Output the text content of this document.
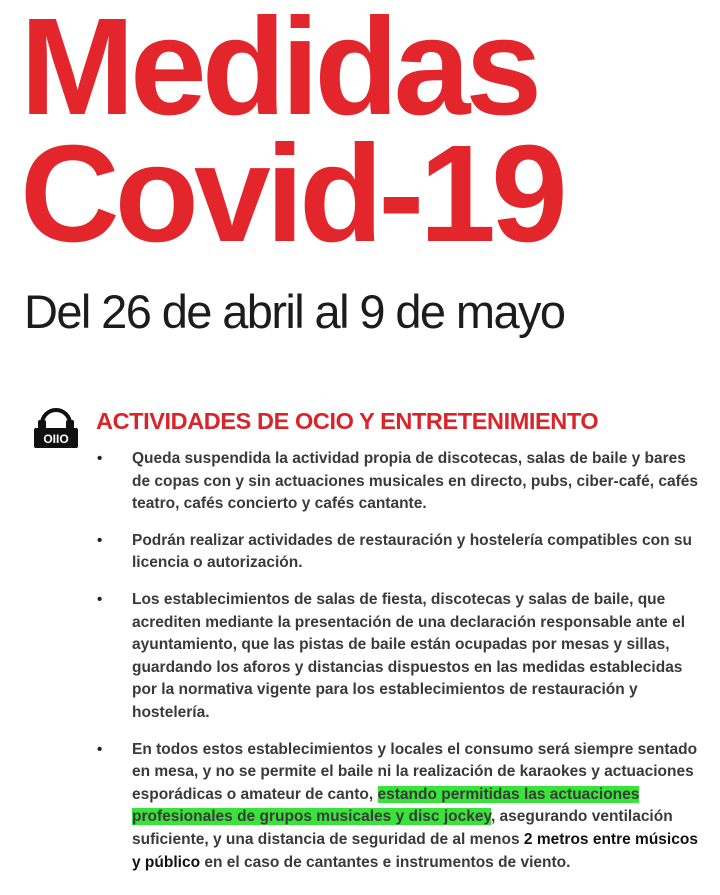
Medidas
Covid-19
Del 26 de abril al 9 de mayo
OIIO
ACTIVIDADES DE OCIO Y ENTRETENIMIENTO
• Queda suspendida la actividad propia de discotecas, salas de baile y bares de copas con y sin actuaciones musicales en directo, pubs, ciber-café, cafés teatro, cafés concierto y cafés cantante.
• Podrán realizar actividades de restauración y hostelería compatibles con su licencia o autorización.
• Los establecimientos de salas de fiesta, discotecas y salas de baile, que acrediten mediante la presentación de una declaración responsable ante el ayuntamiento, que las pistas de baile están ocupadas por mesas y sillas, guardando los aforos y distancias dispuestos en las medidas establecidas por la normativa vigente para los establecimientos de restauración y hostelería.
• En todos estos establecimientos y locales el consumo será siempre sentado en mesa, y no se permite el baile ni la realización de karaokes y actuaciones esporádicas o amateur de canto, estando permitidas las actuaciones profesionales de grupos musicales y disc jockey, asegurando ventilación suficiente, y una distancia de seguridad de al menos 2 metros entre músicos y público en el caso de cantantes e instrumentos de viento.
